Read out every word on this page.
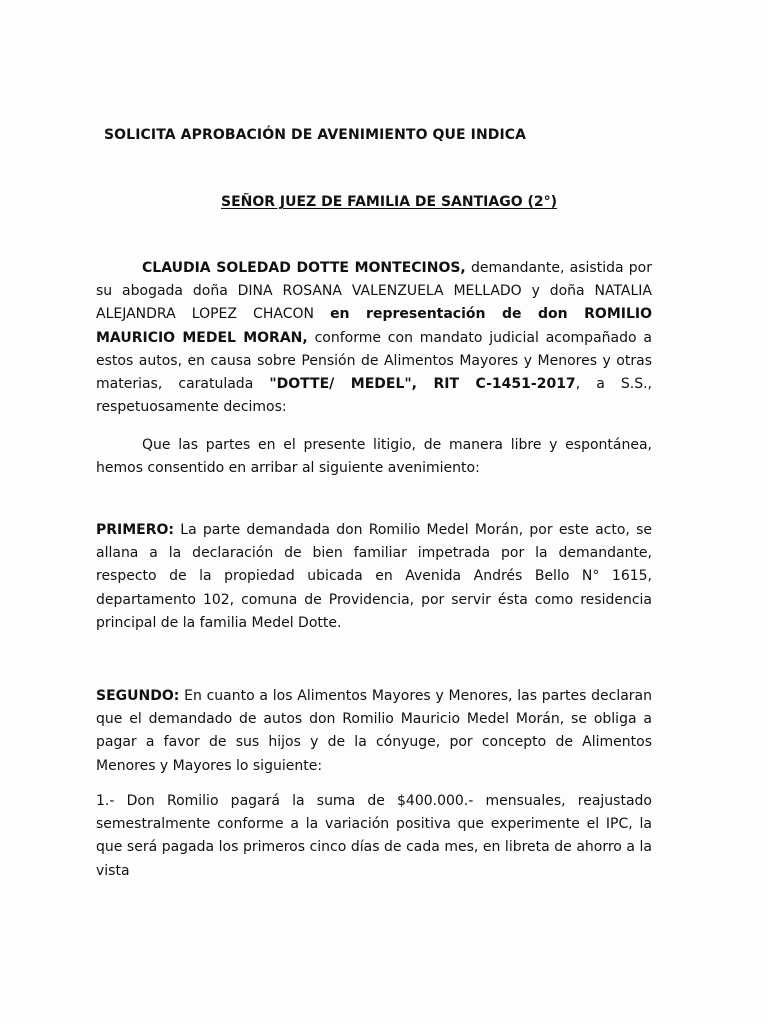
SOLICITA APROBACIÓN DE AVENIMIENTO QUE INDICA
SEÑOR JUEZ DE FAMILIA DE SANTIAGO (2°)

CLAUDIA SOLEDAD DOTTE MONTECINOS, demandante, asistida por su abogada doña DINA ROSANA VALENZUELA MELLADO y doña NATALIA ALEJANDRA LOPEZ CHACON en representación de don ROMILIO MAURICIO MEDEL MORAN, conforme con mandato judicial acompañado a estos autos, en causa sobre Pensión de Alimentos Mayores y Menores y otras materias, caratulada "DOTTE/ MEDEL", RIT C-1451-2017, a S.S., respetuosamente decimos:

Que las partes en el presente litigio, de manera libre y espontánea, hemos consentido en arribar al siguiente avenimiento:

PRIMERO: La parte demandada don Romilio Medel Morán, por este acto, se allana a la declaración de bien familiar impetrada por la demandante, respecto de la propiedad ubicada en Avenida Andrés Bello N° 1615, departamento 102, comuna de Providencia, por servir ésta como residencia principal de la familia Medel Dotte.

SEGUNDO: En cuanto a los Alimentos Mayores y Menores, las partes declaran que el demandado de autos don Romilio Mauricio Medel Morán, se obliga a pagar a favor de sus hijos y de la cónyuge, por concepto de Alimentos Menores y Mayores lo siguiente:

1.- Don Romilio pagará la suma de $400.000.- mensuales, reajustado semestralmente conforme a la variación positiva que experimente el IPC, la que será pagada los primeros cinco días de cada mes, en libreta de ahorro a la vista
